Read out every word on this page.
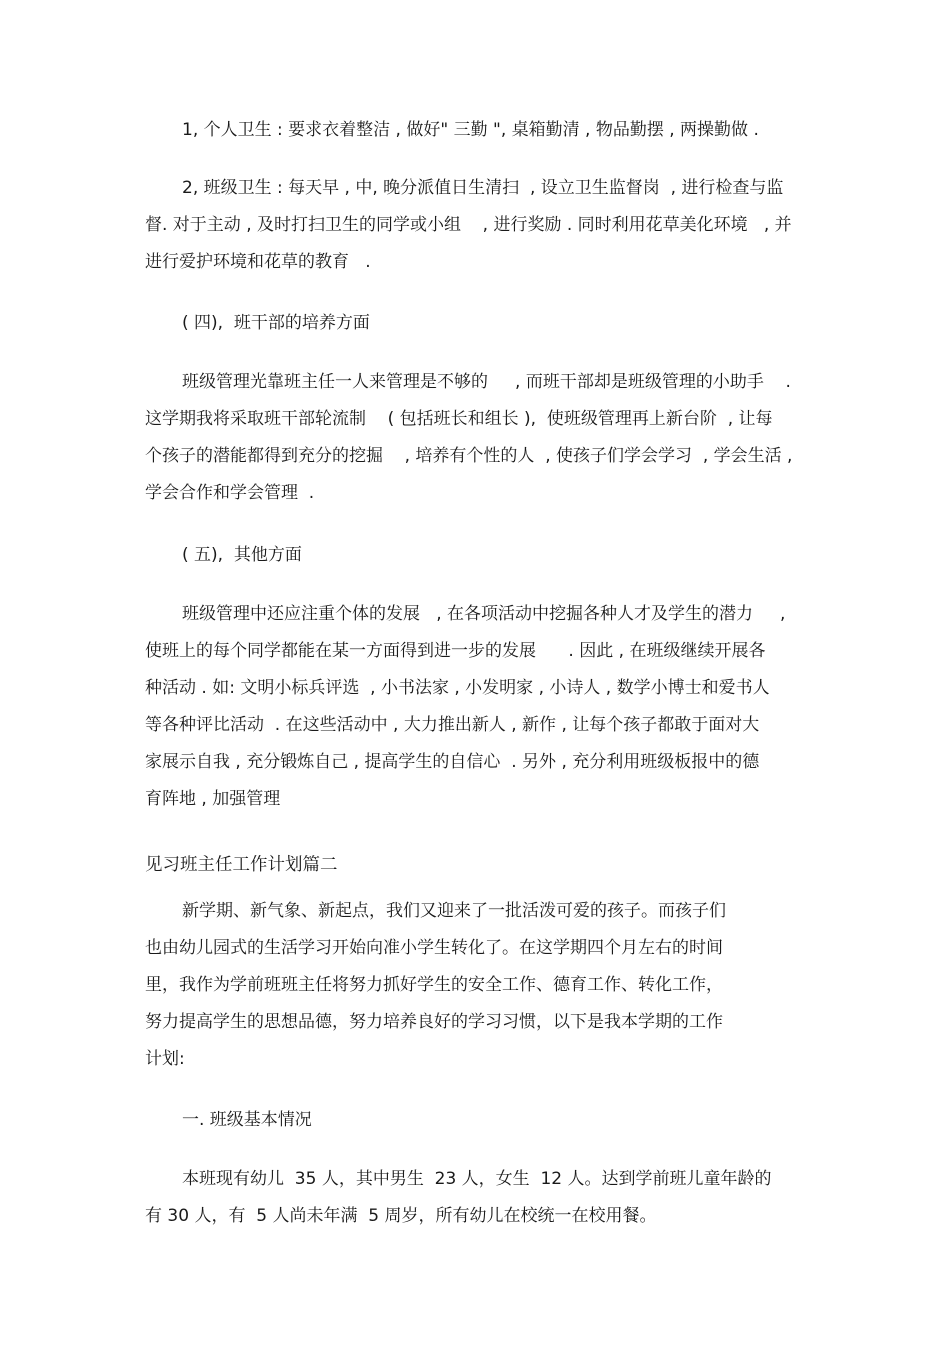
1, 个人卫生 : 要求衣着整洁 , 做好" 三勤 ", 桌箱勤清 , 物品勤摆 , 两操勤做 .
2, 班级卫生 : 每天早 , 中, 晚分派值日生清扫  , 设立卫生监督岗  , 进行检查与监
督. 对于主动 , 及时打扫卫生的同学或小组    , 进行奖励 . 同时利用花草美化环境   , 并
进行爱护环境和花草的教育   .
( 四),  班干部的培养方面
班级管理光靠班主任一人来管理是不够的     , 而班干部却是班级管理的小助手    .
这学期我将采取班干部轮流制    ( 包括班长和组长 ),  使班级管理再上新台阶  , 让每
个孩子的潜能都得到充分的挖掘    , 培养有个性的人  , 使孩子们学会学习  , 学会生活 ,
学会合作和学会管理  .
( 五),  其他方面
班级管理中还应注重个体的发展   , 在各项活动中挖掘各种人才及学生的潜力     ,
使班上的每个同学都能在某一方面得到进一步的发展      . 因此 , 在班级继续开展各
种活动 . 如: 文明小标兵评选  , 小书法家 , 小发明家 , 小诗人 , 数学小博士和爱书人
等各种评比活动  . 在这些活动中 , 大力推出新人 , 新作 , 让每个孩子都敢于面对大
家展示自我 , 充分锻炼自己 , 提高学生的自信心  . 另外 , 充分利用班级板报中的德
育阵地 , 加强管理
见习班主任工作计划篇二
新学期、新气象、新起点，我们又迎来了一批活泼可爱的孩子。而孩子们
也由幼儿园式的生活学习开始向准小学生转化了。在这学期四个月左右的时间
里，我作为学前班班主任将努力抓好学生的安全工作、德育工作、转化工作，
努力提高学生的思想品德，努力培养良好的学习习惯，以下是我本学期的工作
计划:
一. 班级基本情况
本班现有幼儿  35 人，其中男生  23 人，女生  12 人。达到学前班儿童年龄的
有 30 人，有  5 人尚未年满  5 周岁，所有幼儿在校统一在校用餐。
